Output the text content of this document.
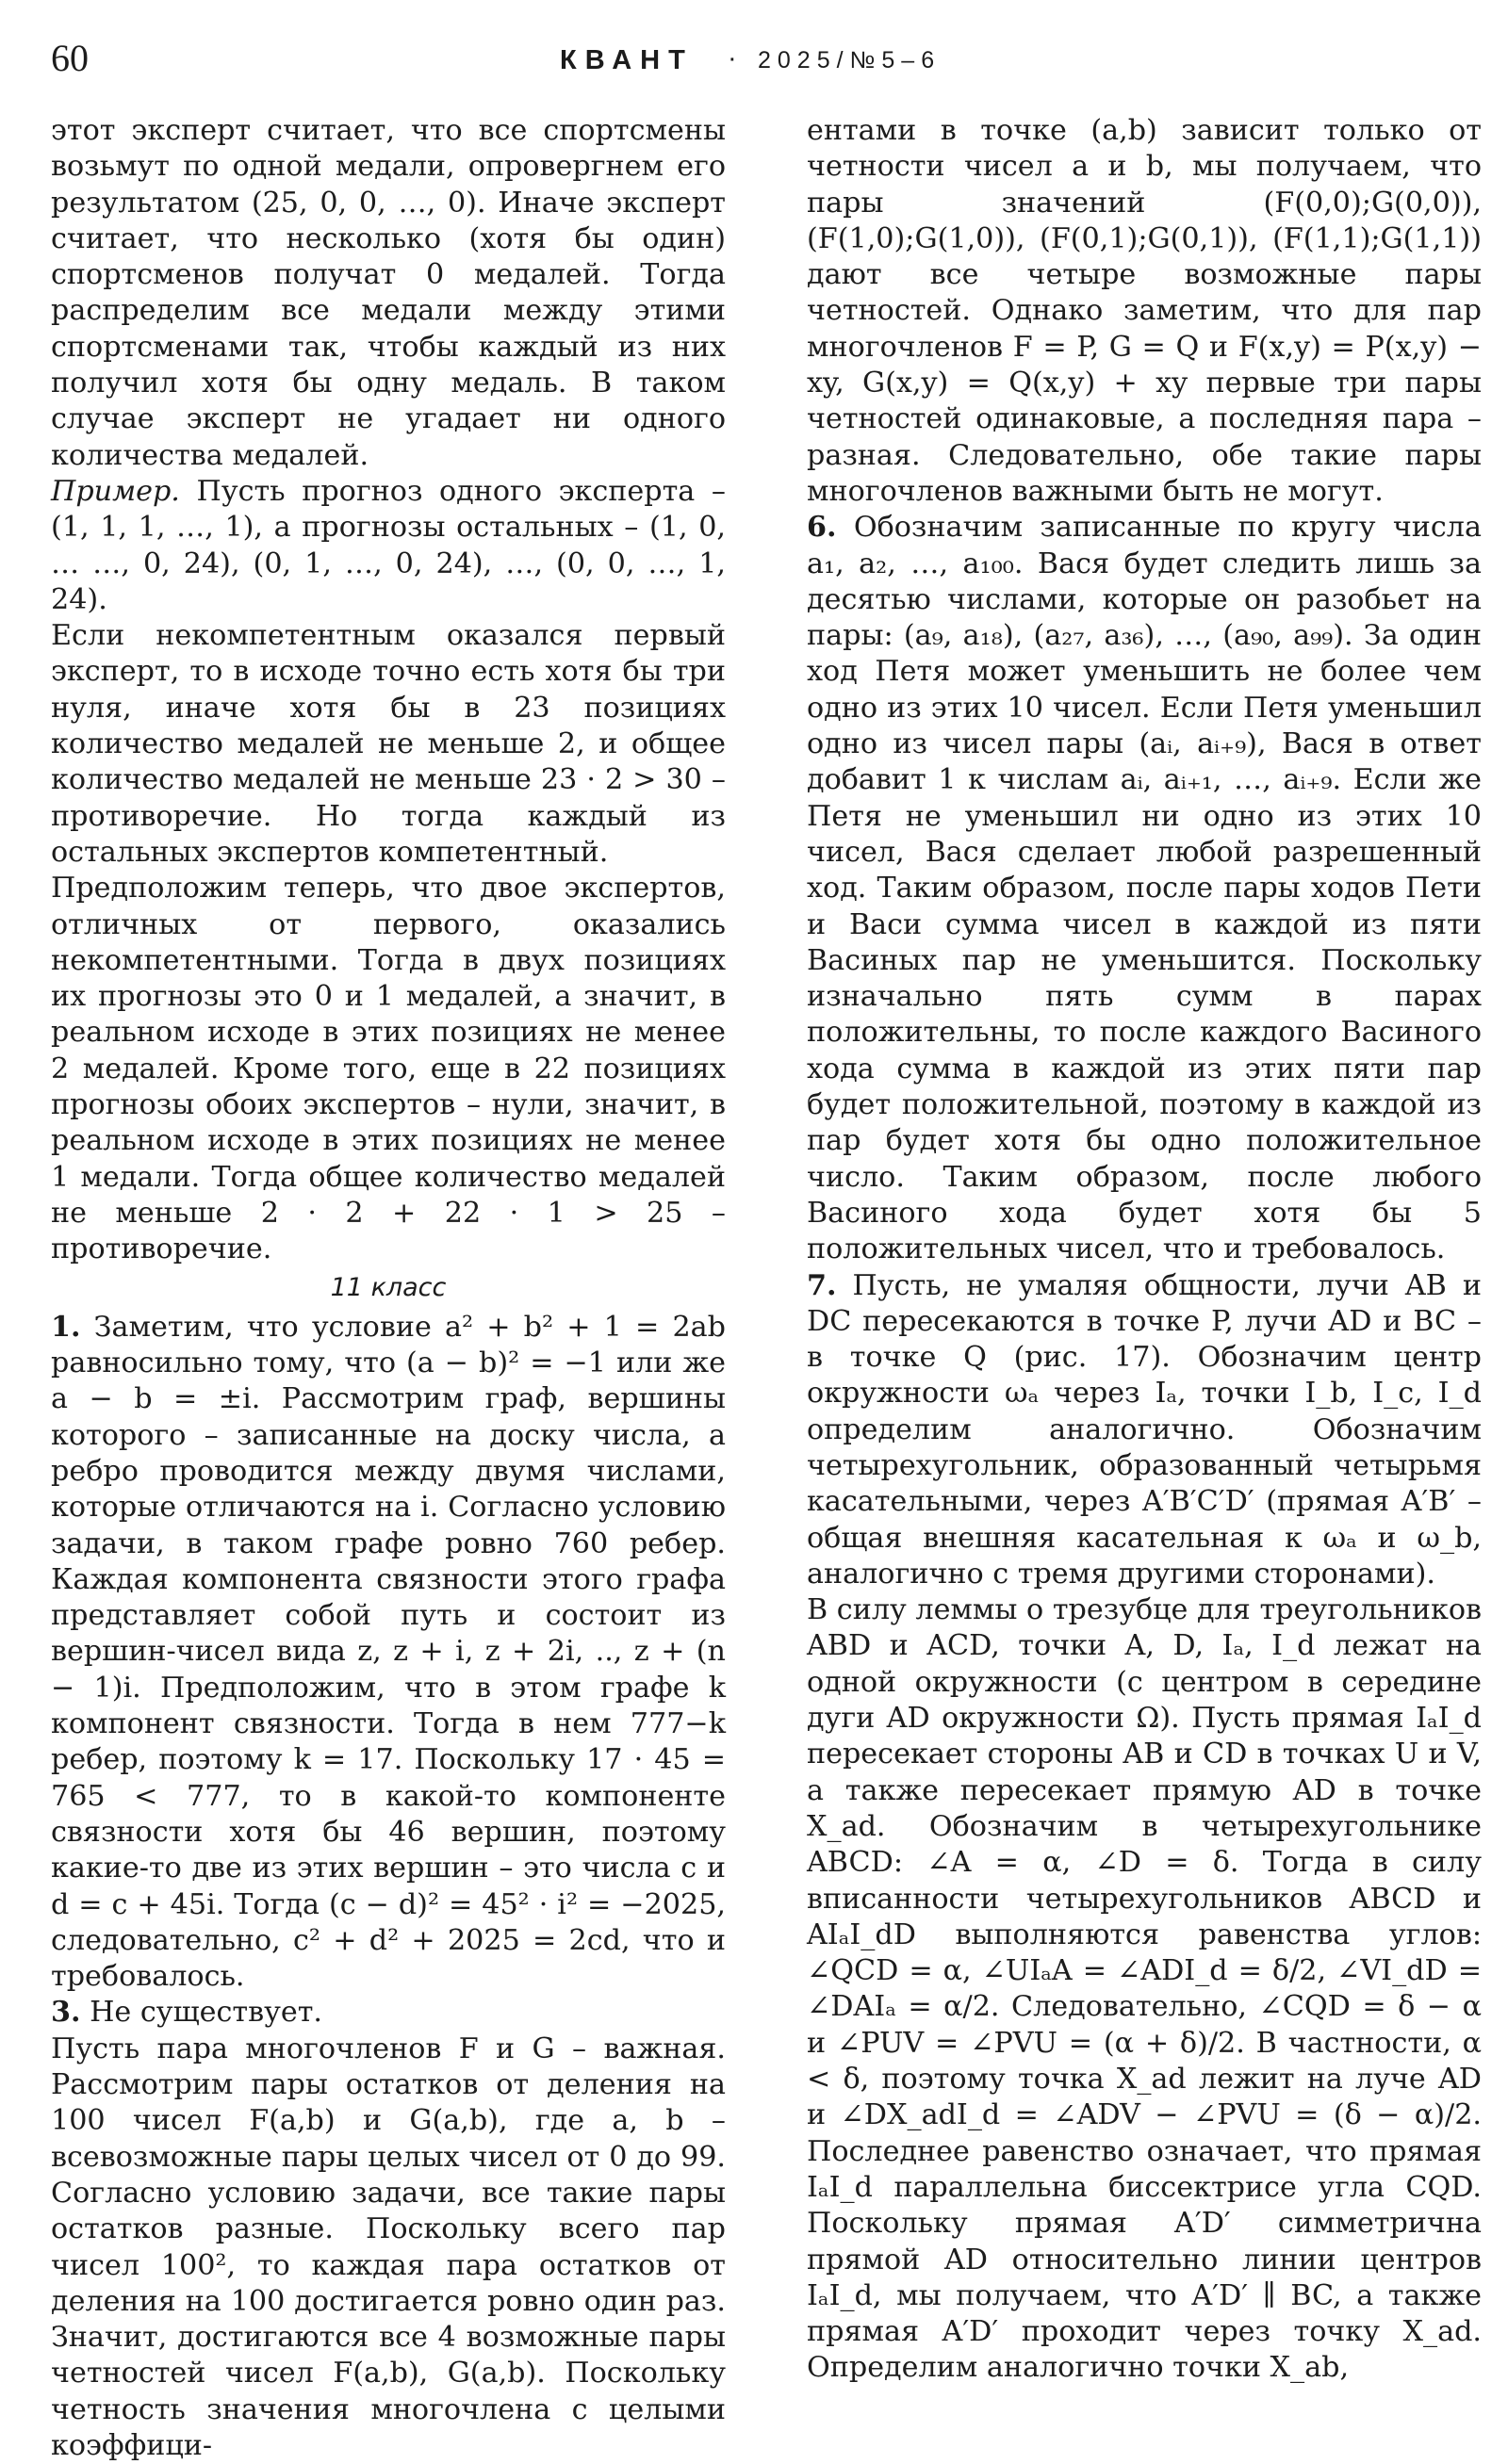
60	КВАНТ · 2025/№5–6

этот эксперт считает, что все спортсмены возьмут по одной медали, опровергнем его результатом (25, 0, 0, …, 0). Иначе эксперт считает, что несколько (хотя бы один) спортсменов получат 0 медалей. Тогда распределим все медали между этими спортсменами так, чтобы каждый из них получил хотя бы одну медаль. В таком случае эксперт не угадает ни одного количества медалей.

Пример. Пусть прогноз одного эксперта – (1, 1, 1, …, 1), а прогнозы остальных – (1, 0, … …, 0, 24), (0, 1, …, 0, 24), …, (0, 0, …, 1, 24).

Если некомпетентным оказался первый эксперт, то в исходе точно есть хотя бы три нуля, иначе хотя бы в 23 позициях количество медалей не меньше 2, и общее количество медалей не меньше 23 · 2 > 30 – противоречие. Но тогда каждый из остальных экспертов компетентный.

Предположим теперь, что двое экспертов, отличных от первого, оказались некомпетентными. Тогда в двух позициях их прогнозы это 0 и 1 медалей, а значит, в реальном исходе в этих позициях не менее 2 медалей. Кроме того, еще в 22 позициях прогнозы обоих экспертов – нули, значит, в реальном исходе в этих позициях не менее 1 медали. Тогда общее количество медалей не меньше 2 · 2 + 22 · 1 > 25 – противоречие.

11 класс

1. Заметим, что условие a² + b² + 1 = 2ab равносильно тому, что (a − b)² = −1 или же a − b = ±i. Рассмотрим граф, вершины которого – записанные на доску числа, а ребро проводится между двумя числами, которые отличаются на i. Согласно условию задачи, в таком графе ровно 760 ребер. Каждая компонента связности этого графа представляет собой путь и состоит из вершин-чисел вида z, z + i, z + 2i, .., z + (n − 1)i. Предположим, что в этом графе k компонент связности. Тогда в нем 777−k ребер, поэтому k = 17. Поскольку 17 · 45 = 765 < 777, то в какой-то компоненте связности хотя бы 46 вершин, поэтому какие-то две из этих вершин – это числа c и d = c + 45i. Тогда (c − d)² = 45² · i² = −2025, следовательно, c² + d² + 2025 = 2cd, что и требовалось.

3. Не существует.

Пусть пара многочленов F и G – важная. Рассмотрим пары остатков от деления на 100 чисел F(a,b) и G(a,b), где a, b – всевозможные пары целых чисел от 0 до 99. Согласно условию задачи, все такие пары остатков разные. Поскольку всего пар чисел 100², то каждая пара остатков от деления на 100 достигается ровно один раз. Значит, достигаются все 4 возможные пары четностей чисел F(a,b), G(a,b). Поскольку четность значения многочлена с целыми коэффици-

ентами в точке (a,b) зависит только от четности чисел a и b, мы получаем, что пары значений (F(0,0);G(0,0)), (F(1,0);G(1,0)), (F(0,1);G(0,1)), (F(1,1);G(1,1)) дают все четыре возможные пары четностей. Однако заметим, что для пар многочленов F = P, G = Q и F(x,y) = P(x,y) − xy, G(x,y) = Q(x,y) + xy первые три пары четностей одинаковые, а последняя пара – разная. Следовательно, обе такие пары многочленов важными быть не могут.

6. Обозначим записанные по кругу числа a₁, a₂, …, a₁₀₀. Вася будет следить лишь за десятью числами, которые он разобьет на пары: (a₉, a₁₈), (a₂₇, a₃₆), …, (a₉₀, a₉₉). За один ход Петя может уменьшить не более чем одно из этих 10 чисел. Если Петя уменьшил одно из чисел пары (aᵢ, aᵢ₊₉), Вася в ответ добавит 1 к числам aᵢ, aᵢ₊₁, …, aᵢ₊₉. Если же Петя не уменьшил ни одно из этих 10 чисел, Вася сделает любой разрешенный ход. Таким образом, после пары ходов Пети и Васи сумма чисел в каждой из пяти Васиных пар не уменьшится. Поскольку изначально пять сумм в парах положительны, то после каждого Васиного хода сумма в каждой из этих пяти пар будет положительной, поэтому в каждой из пар будет хотя бы одно положительное число. Таким образом, после любого Васиного хода будет хотя бы 5 положительных чисел, что и требовалось.

7. Пусть, не умаляя общности, лучи AB и DC пересекаются в точке P, лучи AD и BC – в точке Q (рис. 17). Обозначим центр окружности ωₐ через Iₐ, точки I_b, I_c, I_d определим аналогично. Обозначим четырехугольник, образованный четырьмя касательными, через A′B′C′D′ (прямая A′B′ – общая внешняя касательная к ωₐ и ω_b, аналогично с тремя другими сторонами).

В силу леммы о трезубце для треугольников ABD и ACD, точки A, D, Iₐ, I_d лежат на одной окружности (с центром в середине дуги AD окружности Ω). Пусть прямая IₐI_d пересекает стороны AB и CD в точках U и V, а также пересекает прямую AD в точке X_ad. Обозначим в четырехугольнике ABCD: ∠A = α, ∠D = δ. Тогда в силу вписанности четырехугольников ABCD и AIₐI_dD выполняются равенства углов: ∠QCD = α, ∠UIₐA = ∠ADI_d = δ/2, ∠VI_dD = ∠DAIₐ = α/2. Следовательно, ∠CQD = δ − α и ∠PUV = ∠PVU = (α + δ)/2. В частности, α < δ, поэтому точка X_ad лежит на луче AD и ∠DX_adI_d = ∠ADV − ∠PVU = (δ − α)/2. Последнее равенство означает, что прямая IₐI_d параллельна биссектрисе угла CQD. Поскольку прямая A′D′ симметрична прямой AD относительно линии центров IₐI_d, мы получаем, что A′D′ ∥ BC, а также прямая A′D′ проходит через точку X_ad. Определим аналогично точки X_ab,
